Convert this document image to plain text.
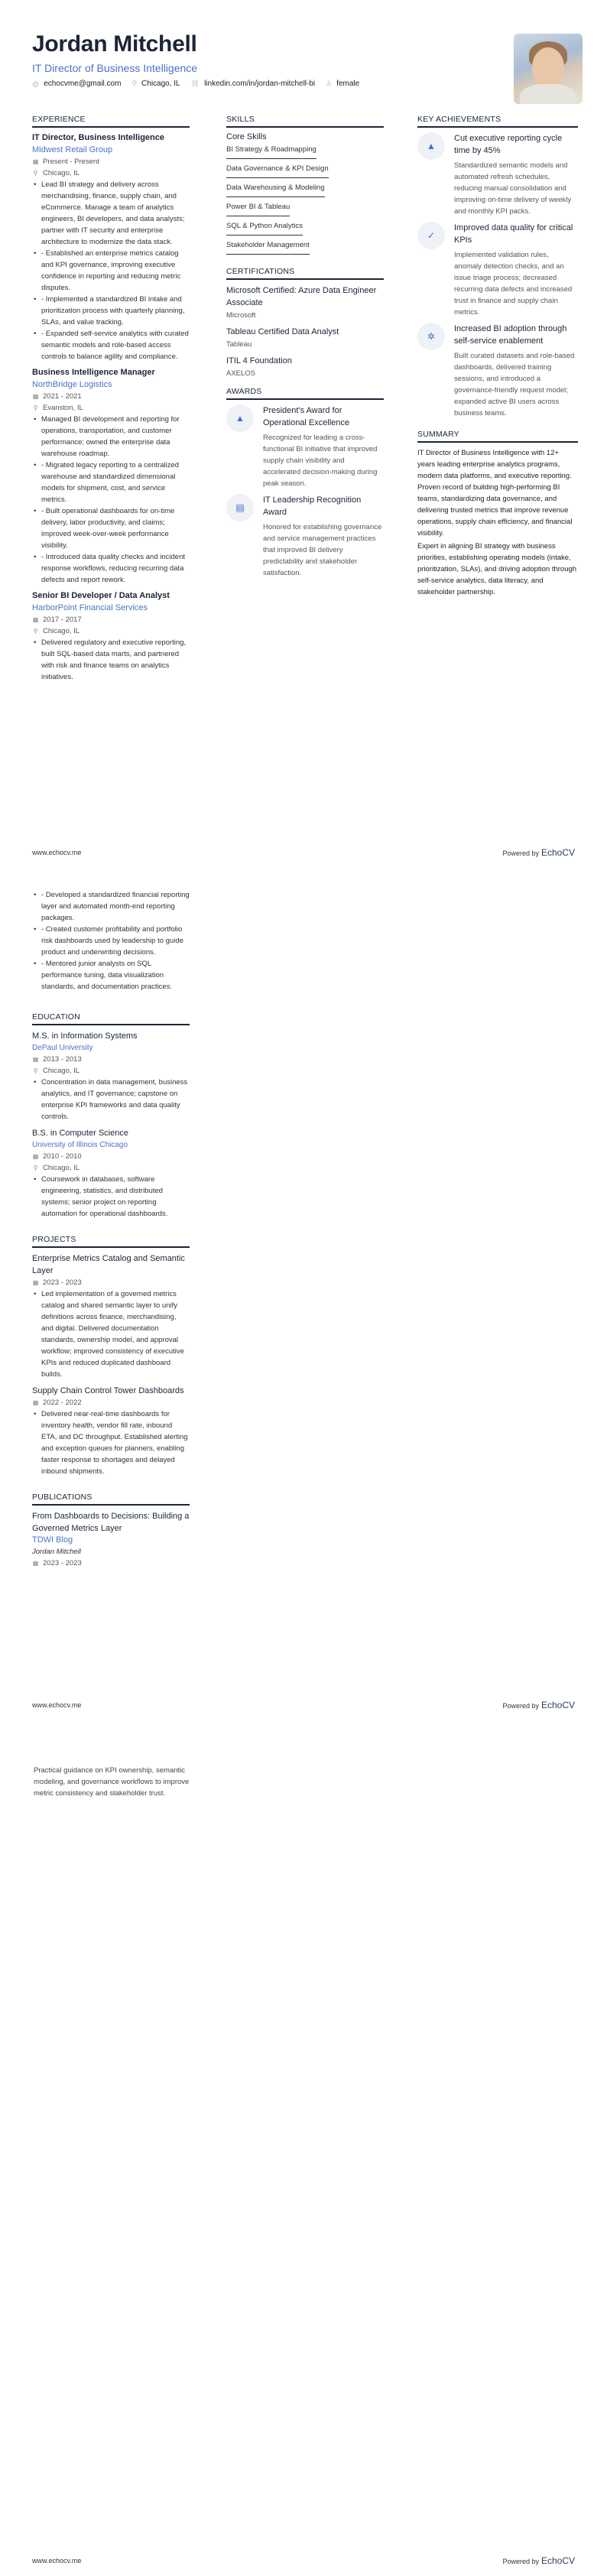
Jordan Mitchell
IT Director of Business Intelligence
@ echocvme@gmail.com ⚲ Chicago, IL ⛓ linkedin.com/in/jordan-mitchell-bi ♙ female
EXPERIENCE
IT Director, Business Intelligence
Midwest Retail Group
▦ Present - Present
⚲ Chicago, IL
• Lead BI strategy and delivery across merchandising, finance, supply chain, and eCommerce. Manage a team of analytics engineers, BI developers, and data analysts; partner with IT security and enterprise architecture to modernize the data stack.
• - Established an enterprise metrics catalog and KPI governance, improving executive confidence in reporting and reducing metric disputes.
• - Implemented a standardized BI intake and prioritization process with quarterly planning, SLAs, and value tracking.
• - Expanded self-service analytics with curated semantic models and role-based access controls to balance agility and compliance.
Business Intelligence Manager
NorthBridge Logistics
▦ 2021 - 2021
⚲ Evanston, IL
• Managed BI development and reporting for operations, transportation, and customer performance; owned the enterprise data warehouse roadmap.
• - Migrated legacy reporting to a centralized warehouse and standardized dimensional models for shipment, cost, and service metrics.
• - Built operational dashboards for on-time delivery, labor productivity, and claims; improved week-over-week performance visibility.
• - Introduced data quality checks and incident response workflows, reducing recurring data defects and report rework.
Senior BI Developer / Data Analyst
HarborPoint Financial Services
▦ 2017 - 2017
⚲ Chicago, IL
• Delivered regulatory and executive reporting, built SQL-based data marts, and partnered with risk and finance teams on analytics initiatives.
SKILLS
Core Skills
BI Strategy & Roadmapping
Data Governance & KPI Design
Data Warehousing & Modeling
Power BI & Tableau
SQL & Python Analytics
Stakeholder Management
CERTIFICATIONS
Microsoft Certified: Azure Data Engineer Associate
Microsoft
Tableau Certified Data Analyst
Tableau
ITIL 4 Foundation
AXELOS
AWARDS
▲
President's Award for Operational Excellence
Recognized for leading a cross-functional BI initiative that improved supply chain visibility and accelerated decision-making during peak season.
▤
IT Leadership Recognition Award
Honored for establishing governance and service management practices that improved BI delivery predictability and stakeholder satisfaction.
KEY ACHIEVEMENTS
▲
Cut executive reporting cycle time by 45%
Standardized semantic models and automated refresh schedules, reducing manual consolidation and improving on-time delivery of weekly and monthly KPI packs.
✓
Improved data quality for critical KPIs
Implemented validation rules, anomaly detection checks, and an issue triage process; decreased recurring data defects and increased trust in finance and supply chain metrics.
✲
Increased BI adoption through self-service enablement
Built curated datasets and role-based dashboards, delivered training sessions, and introduced a governance-friendly request model; expanded active BI users across business teams.
SUMMARY

IT Director of Business Intelligence with 12+ years leading enterprise analytics programs, modern data platforms, and executive reporting. Proven record of building high-performing BI teams, standardizing data governance, and delivering trusted metrics that improve revenue operations, supply chain efficiency, and financial visibility.

Expert in aligning BI strategy with business priorities, establishing operating models (intake, prioritization, SLAs), and driving adoption through self-service analytics, data literacy, and stakeholder partnership.

www.echocv.me	Powered by EchoCV
• - Developed a standardized financial reporting layer and automated month-end reporting packages.
• - Created customer profitability and portfolio risk dashboards used by leadership to guide product and underwriting decisions.
• - Mentored junior analysts on SQL performance tuning, data visualization standards, and documentation practices.
EDUCATION
M.S. in Information Systems
DePaul University
▦ 2013 - 2013
⚲ Chicago, IL
• Concentration in data management, business analytics, and IT governance; capstone on enterprise KPI frameworks and data quality controls.
B.S. in Computer Science
University of Illinois Chicago
▦ 2010 - 2010
⚲ Chicago, IL
• Coursework in databases, software engineering, statistics, and distributed systems; senior project on reporting automation for operational dashboards.
PROJECTS
Enterprise Metrics Catalog and Semantic Layer
▦ 2023 - 2023
• Led implementation of a governed metrics catalog and shared semantic layer to unify definitions across finance, merchandising, and digital. Delivered documentation standards, ownership model, and approval workflow; improved consistency of executive KPIs and reduced duplicated dashboard builds.
Supply Chain Control Tower Dashboards
▦ 2022 - 2022
• Delivered near-real-time dashboards for inventory health, vendor fill rate, inbound ETA, and DC throughput. Established alerting and exception queues for planners, enabling faster response to shortages and delayed inbound shipments.
PUBLICATIONS
From Dashboards to Decisions: Building a Governed Metrics Layer
TDWI Blog
Jordan Mitchell
▦ 2023 - 2023
www.echocv.me	Powered by EchoCV
Practical guidance on KPI ownership, semantic modeling, and governance workflows to improve metric consistency and stakeholder trust.
www.echocv.me	Powered by EchoCV
